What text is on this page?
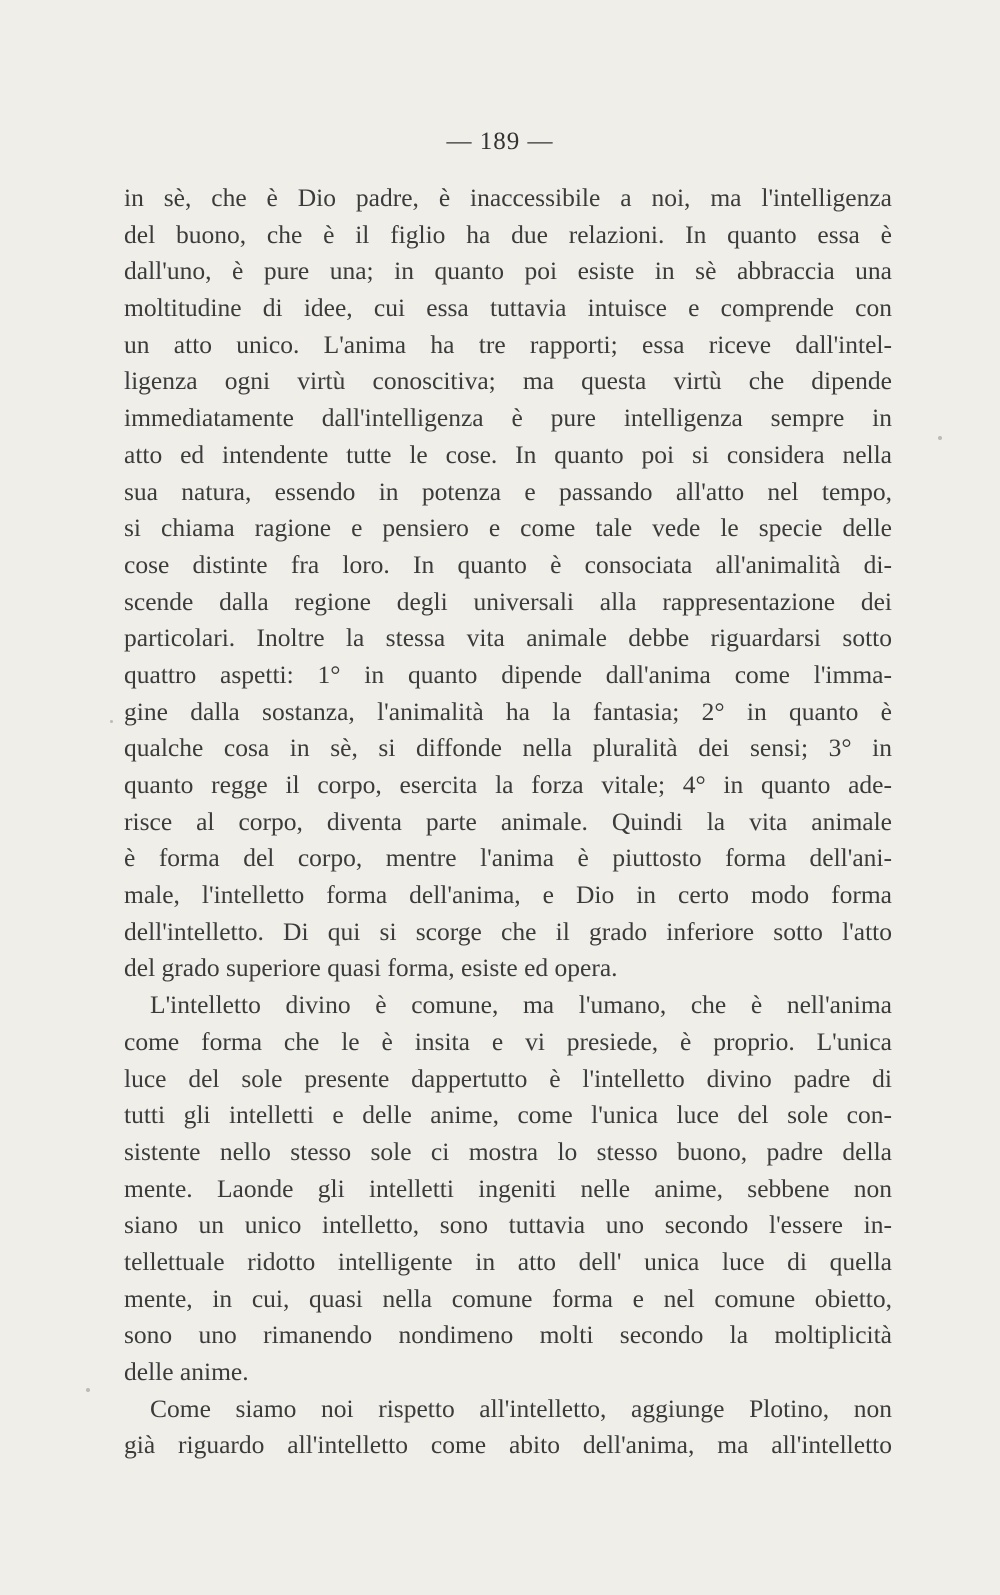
— 189 —
in sè, che è Dio padre, è inaccessibile a noi, ma l'intelligenza
del buono, che è il figlio ha due relazioni. In quanto essa è
dall'uno, è pure una; in quanto poi esiste in sè abbraccia una
moltitudine di idee, cui essa tuttavia intuisce e comprende con
un atto unico. L'anima ha tre rapporti; essa riceve dall'intel-
ligenza ogni virtù conoscitiva; ma questa virtù che dipende
immediatamente dall'intelligenza è pure intelligenza sempre in
atto ed intendente tutte le cose. In quanto poi si considera nella
sua natura, essendo in potenza e passando all'atto nel tempo,
si chiama ragione e pensiero e come tale vede le specie delle
cose distinte fra loro. In quanto è consociata all'animalità di-
scende dalla regione degli universali alla rappresentazione dei
particolari. Inoltre la stessa vita animale debbe riguardarsi sotto
quattro aspetti: 1° in quanto dipende dall'anima come l'imma-
gine dalla sostanza, l'animalità ha la fantasia; 2° in quanto è
qualche cosa in sè, si diffonde nella pluralità dei sensi; 3° in
quanto regge il corpo, esercita la forza vitale; 4° in quanto ade-
risce al corpo, diventa parte animale. Quindi la vita animale
è forma del corpo, mentre l'anima è piuttosto forma dell'ani-
male, l'intelletto forma dell'anima, e Dio in certo modo forma
dell'intelletto. Di qui si scorge che il grado inferiore sotto l'atto
del grado superiore quasi forma, esiste ed opera.
L'intelletto divino è comune, ma l'umano, che è nell'anima
come forma che le è insita e vi presiede, è proprio. L'unica
luce del sole presente dappertutto è l'intelletto divino padre di
tutti gli intelletti e delle anime, come l'unica luce del sole con-
sistente nello stesso sole ci mostra lo stesso buono, padre della
mente. Laonde gli intelletti ingeniti nelle anime, sebbene non
siano un unico intelletto, sono tuttavia uno secondo l'essere in-
tellettuale ridotto intelligente in atto dell' unica luce di quella
mente, in cui, quasi nella comune forma e nel comune obietto,
sono uno rimanendo nondimeno molti secondo la moltiplicità
delle anime.
Come siamo noi rispetto all'intelletto, aggiunge Plotino, non
già riguardo all'intelletto come abito dell'anima, ma all'intelletto
